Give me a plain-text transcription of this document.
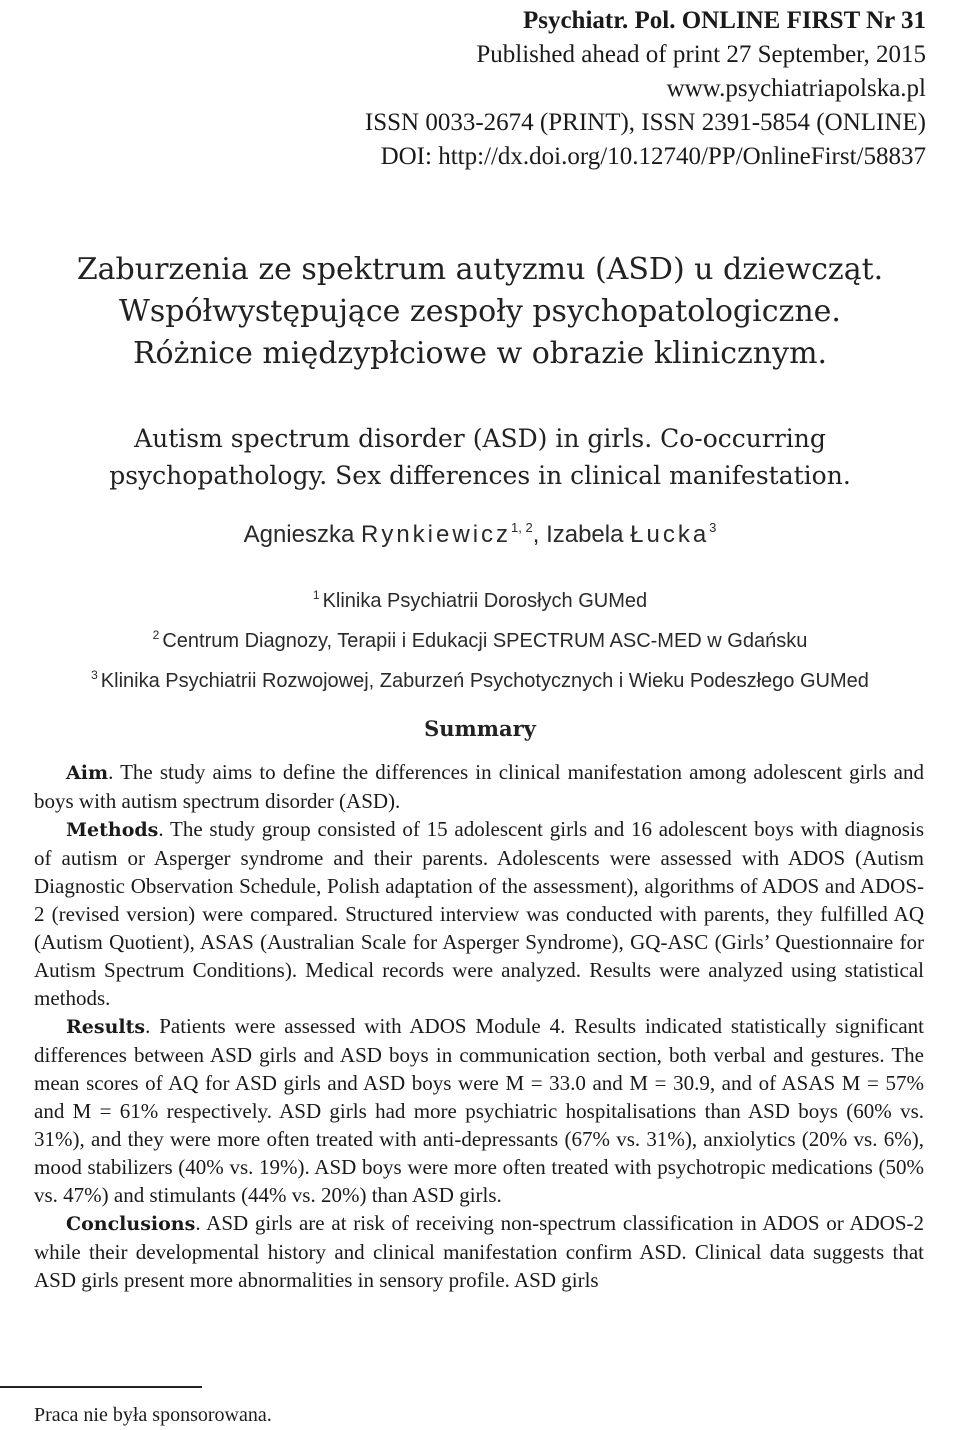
Psychiatr. Pol. ONLINE FIRST Nr 31
Published ahead of print 27 September, 2015
www.psychiatriapolska.pl
ISSN 0033-2674 (PRINT), ISSN 2391-5854 (ONLINE)
DOI: http://dx.doi.org/10.12740/PP/OnlineFirst/58837
Zaburzenia ze spektrum autyzmu (ASD) u dziewcząt.
Współwystępujące zespoły psychopatologiczne.
Różnice międzypłciowe w obrazie klinicznym.
Autism spectrum disorder (ASD) in girls. Co-occurring
psychopathology. Sex differences in clinical manifestation.
Agnieszka Rynkiewicz$^{1, 2}$, Izabela Łucka$^3$
$^1$ Klinika Psychiatrii Dorosłych GUMed
$^2$ Centrum Diagnozy, Terapii i Edukacji SPECTRUM ASC-MED w Gdańsku
$^3$ Klinika Psychiatrii Rozwojowej, Zaburzeń Psychotycznych i Wieku Podeszłego GUMed
Summary

Aim. The study aims to define the differences in clinical manifestation among adolescent girls and boys with autism spectrum disorder (ASD).

Methods. The study group consisted of 15 adolescent girls and 16 adolescent boys with diagnosis of autism or Asperger syndrome and their parents. Adolescents were assessed with ADOS (Autism Diagnostic Observation Schedule, Polish adaptation of the assessment), algorithms of ADOS and ADOS-2 (revised version) were compared. Structured interview was conducted with parents, they fulfilled AQ (Autism Quotient), ASAS (Australian Scale for Asperger Syndrome), GQ-ASC (Girls’ Questionnaire for Autism Spectrum Conditions). Medical records were analyzed. Results were analyzed using statistical methods.

Results. Patients were assessed with ADOS Module 4. Results indicated statistically significant differences between ASD girls and ASD boys in communication section, both verbal and gestures. The mean scores of AQ for ASD girls and ASD boys were M = 33.0 and M = 30.9, and of ASAS M = 57% and M = 61% respectively. ASD girls had more psychiatric hospitalisations than ASD boys (60% vs. 31%), and they were more often treated with anti-depressants (67% vs. 31%), anxiolytics (20% vs. 6%), mood stabilizers (40% vs. 19%). ASD boys were more often treated with psychotropic medications (50% vs. 47%) and stimulants (44% vs. 20%) than ASD girls.

Conclusions. ASD girls are at risk of receiving non-spectrum classification in ADOS or ADOS-2 while their developmental history and clinical manifestation confirm ASD. Clinical data suggests that ASD girls present more abnormalities in sensory profile. ASD girls

Praca nie była sponsorowana.
